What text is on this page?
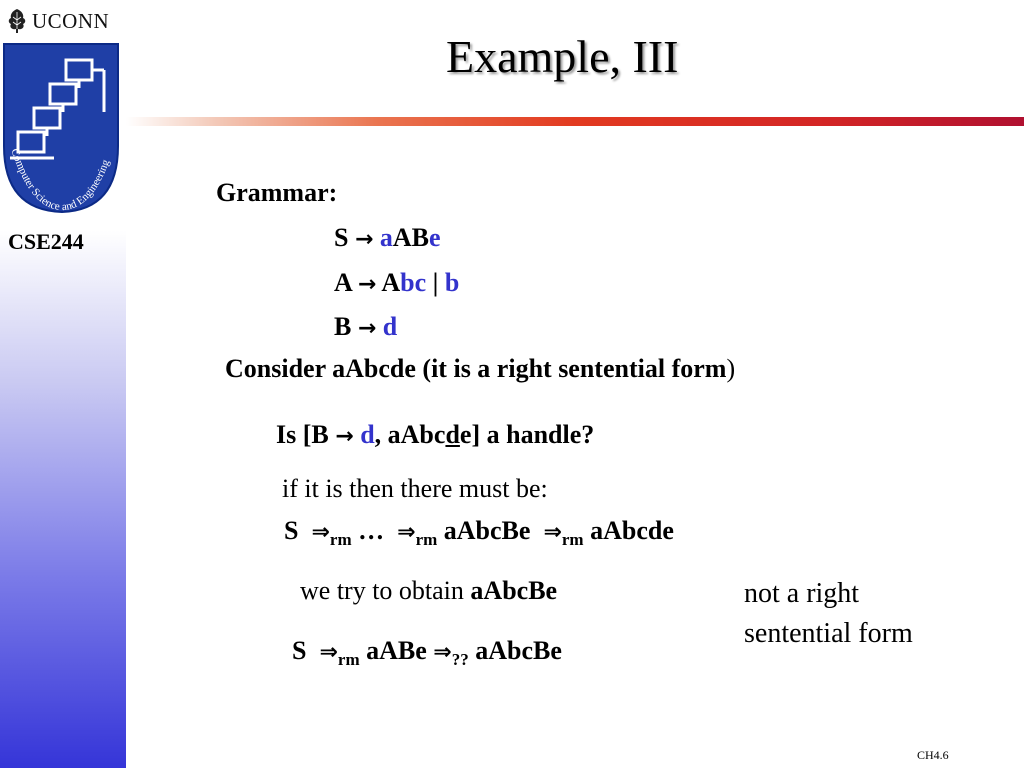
UCONN
Computer Science and Engineering
CSE244
Example, III
Grammar:
S → aABe
A → Abc | b
B → d
Consider aAbcde (it is a right sentential form)
Is [B → d, aAbcde] a handle?
if it is then there must be:
S $\Rightarrow_{rm}$ … $\Rightarrow_{rm}$ aAbcBe $\Rightarrow_{rm}$ aAbcde
we try to obtain aAbcBe	not a right
sentential form
S $\Rightarrow_{rm}$ aABe $\Rightarrow_{??}$ aAbcBe
CH4.6
